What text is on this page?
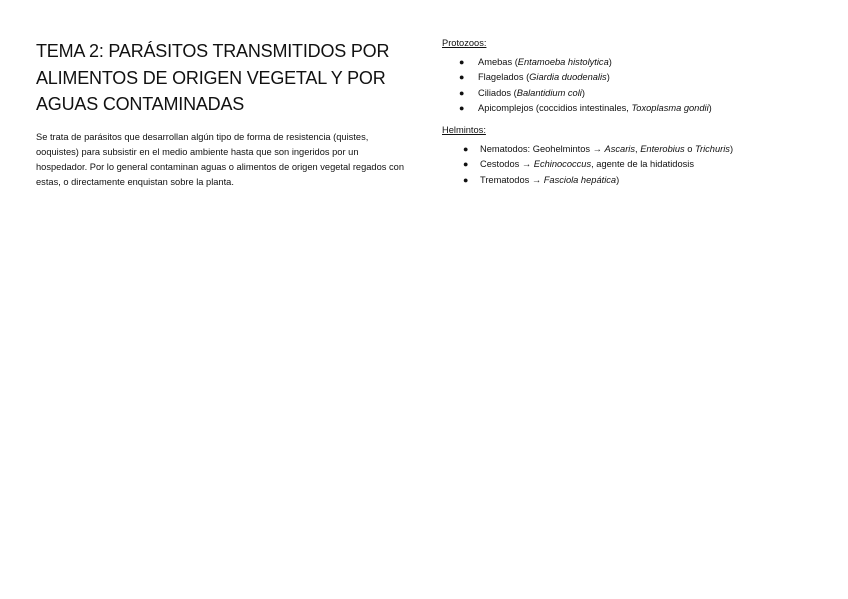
TEMA 2: PARÁSITOS TRANSMITIDOS POR ALIMENTOS DE ORIGEN VEGETAL Y POR AGUAS CONTAMINADAS

Se trata de parásitos que desarrollan algún tipo de forma de resistencia (quistes, ooquistes) para subsistir en el medio ambiente hasta que son ingeridos por un hospedador. Por lo general contaminan aguas o alimentos de origen vegetal regados con estas, o directamente enquistan sobre la planta.

Protozoos:

● Amebas (Entamoeba histolytica)
● Flagelados (Giardia duodenalis)
● Ciliados (Balantidium coli)
● Apicomplejos (coccidios intestinales, Toxoplasma gondii)

Helmintos:

● Nematodos: Geohelmintos → Ascaris, Enterobius o Trichuris)
● Cestodos → Echinococcus, agente de la hidatidosis
● Trematodos → Fasciola hepática)
